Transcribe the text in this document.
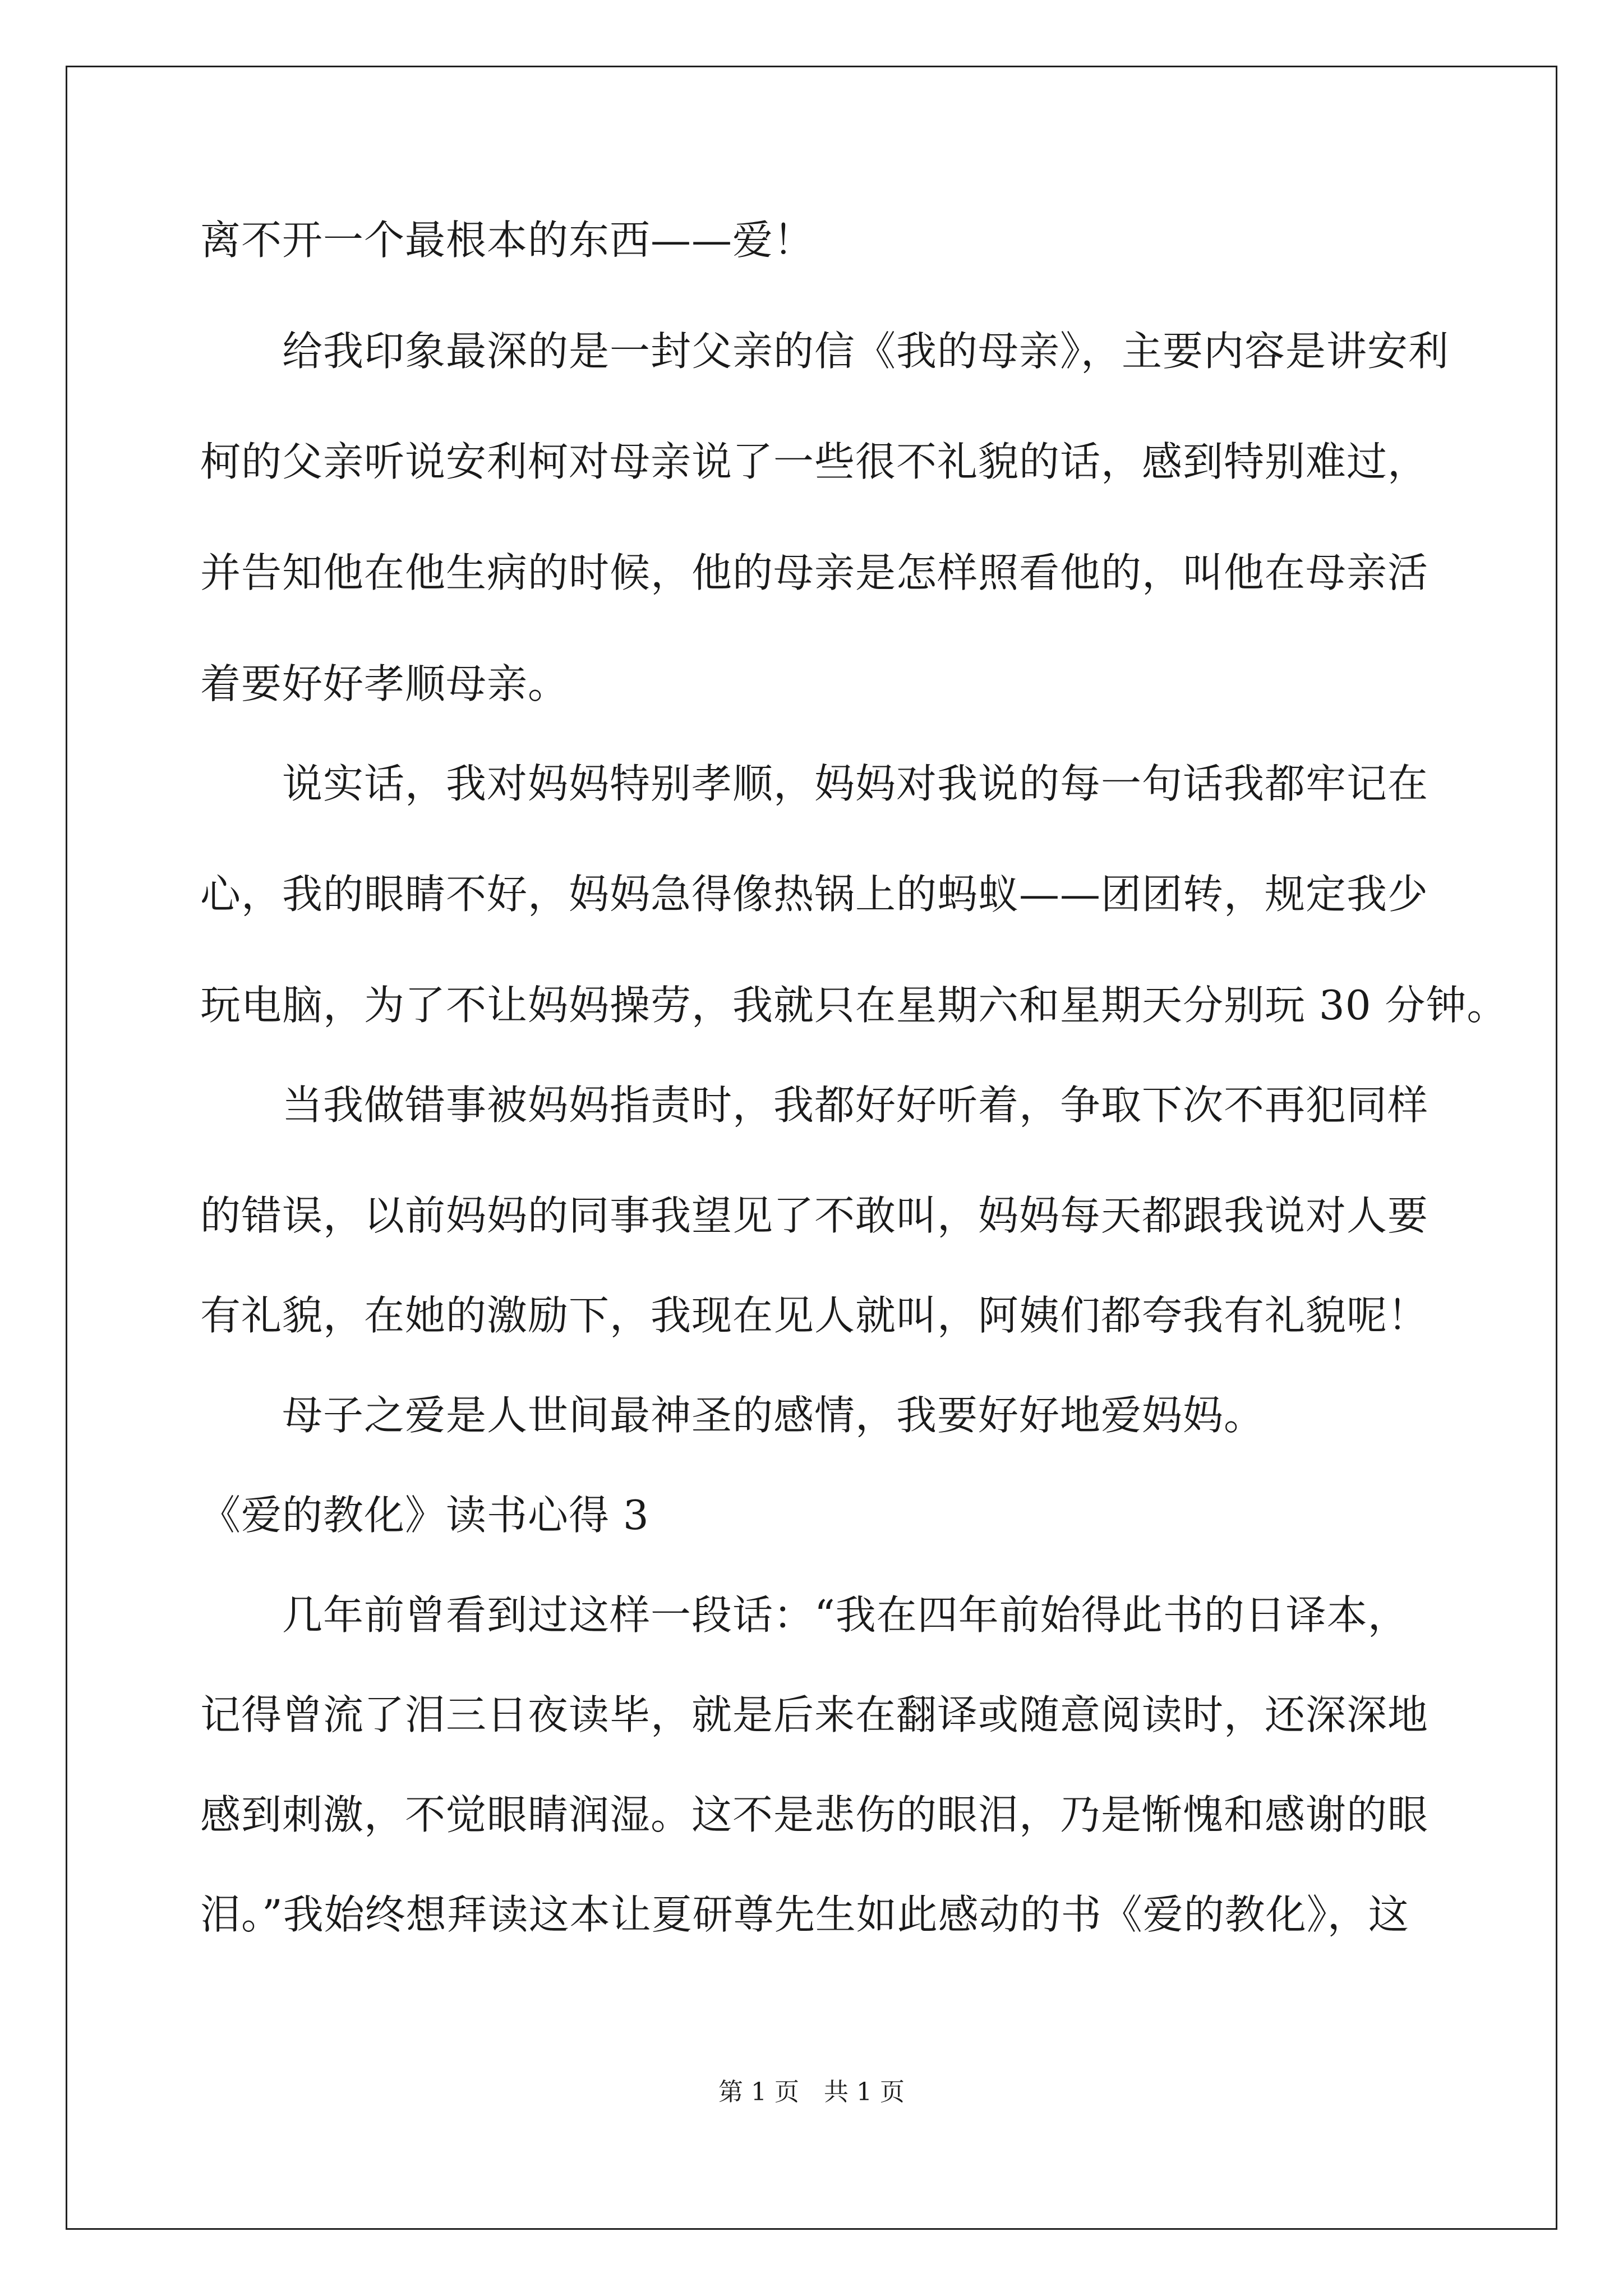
离不开一个最根本的东西——爱！
　　给我印象最深的是一封父亲的信《我的母亲》，主要内容是讲安利
柯的父亲听说安利柯对母亲说了一些很不礼貌的话，感到特别难过，
并告知他在他生病的时候，他的母亲是怎样照看他的，叫他在母亲活
着要好好孝顺母亲。
　　说实话，我对妈妈特别孝顺，妈妈对我说的每一句话我都牢记在
心，我的眼睛不好，妈妈急得像热锅上的蚂蚁——团团转，规定我少
玩电脑，为了不让妈妈操劳，我就只在星期六和星期天分别玩 30 分钟。
　　当我做错事被妈妈指责时，我都好好听着，争取下次不再犯同样
的错误，以前妈妈的同事我望见了不敢叫，妈妈每天都跟我说对人要
有礼貌，在她的激励下，我现在见人就叫，阿姨们都夸我有礼貌呢！
　　母子之爱是人世间最神圣的感情，我要好好地爱妈妈。
《爱的教化》读书心得 3
　　几年前曾看到过这样一段话：“我在四年前始得此书的日译本，
记得曾流了泪三日夜读毕，就是后来在翻译或随意阅读时，还深深地
感到刺激，不觉眼睛润湿。这不是悲伤的眼泪，乃是惭愧和感谢的眼
泪。”我始终想拜读这本让夏研尊先生如此感动的书《爱的教化》，这
第 1 页　共 1 页
